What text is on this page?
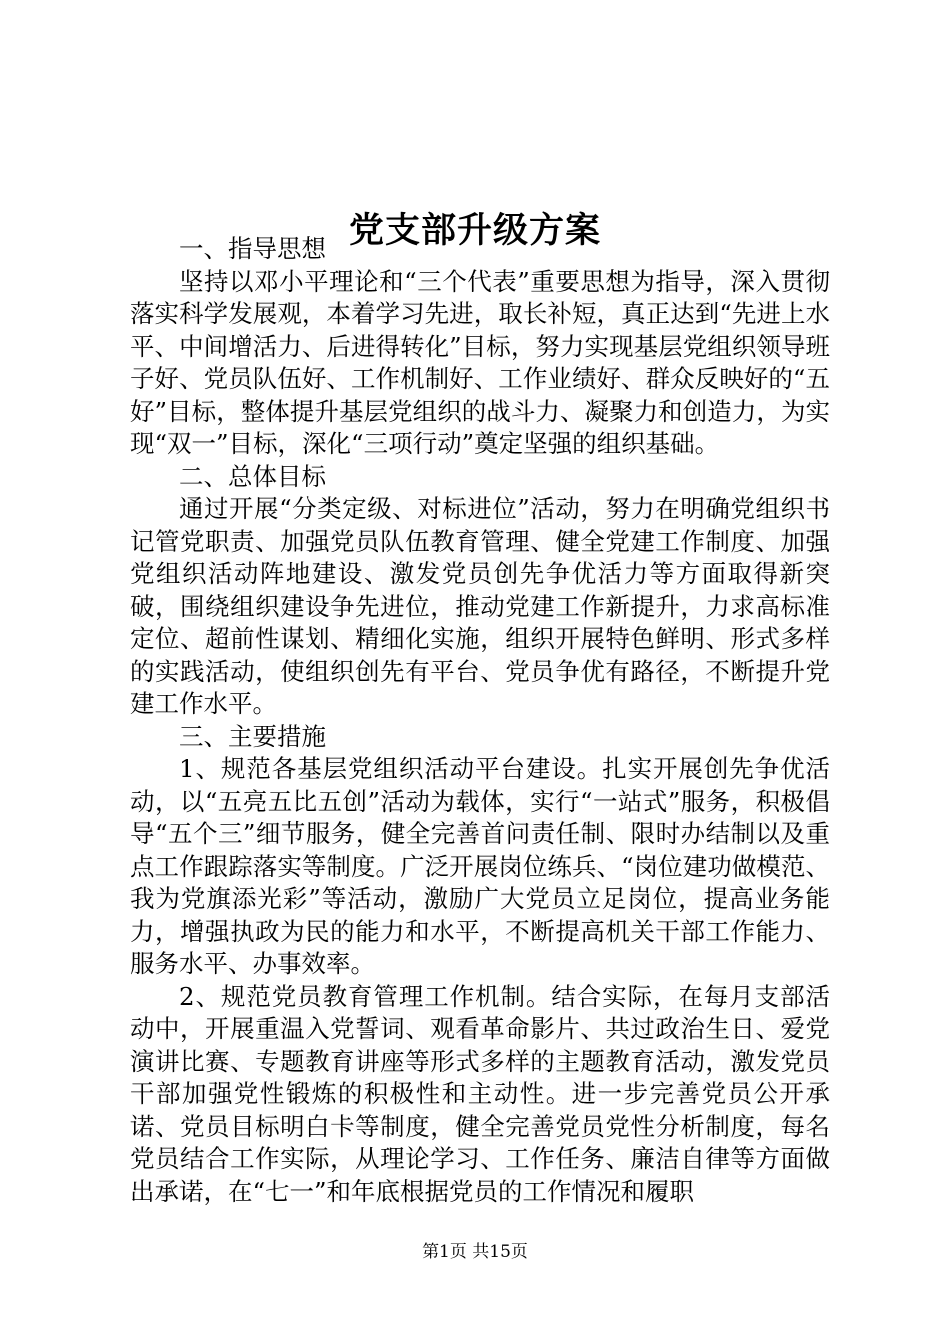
党支部升级方案

一、指导思想

坚持以邓小平理论和“三个代表”重要思想为指导，深入贯彻落实科学发展观，本着学习先进，取长补短，真正达到“先进上水平、中间增活力、后进得转化”目标，努力实现基层党组织领导班子好、党员队伍好、工作机制好、工作业绩好、群众反映好的“五好”目标，整体提升基层党组织的战斗力、凝聚力和创造力，为实现“双一”目标，深化“三项行动”奠定坚强的组织基础。

二、总体目标

通过开展“分类定级、对标进位”活动，努力在明确党组织书记管党职责、加强党员队伍教育管理、健全党建工作制度、加强党组织活动阵地建设、激发党员创先争优活力等方面取得新突破，围绕组织建设争先进位，推动党建工作新提升，力求高标准定位、超前性谋划、精细化实施，组织开展特色鲜明、形式多样的实践活动，使组织创先有平台、党员争优有路径，不断提升党建工作水平。

三、主要措施

1、规范各基层党组织活动平台建设。扎实开展创先争优活动，以“五亮五比五创”活动为载体，实行“一站式”服务，积极倡导“五个三”细节服务，健全完善首问责任制、限时办结制以及重点工作跟踪落实等制度。广泛开展岗位练兵、“岗位建功做模范、我为党旗添光彩”等活动，激励广大党员立足岗位，提高业务能力，增强执政为民的能力和水平，不断提高机关干部工作能力、服务水平、办事效率。

2、规范党员教育管理工作机制。结合实际，在每月支部活动中，开展重温入党誓词、观看革命影片、共过政治生日、爱党演讲比赛、专题教育讲座等形式多样的主题教育活动，激发党员干部加强党性锻炼的积极性和主动性。进一步完善党员公开承诺、党员目标明白卡等制度，健全完善党员党性分析制度，每名党员结合工作实际，从理论学习、工作任务、廉洁自律等方面做出承诺，在“七一”和年底根据党员的工作情况和履职

第1页 共15页
